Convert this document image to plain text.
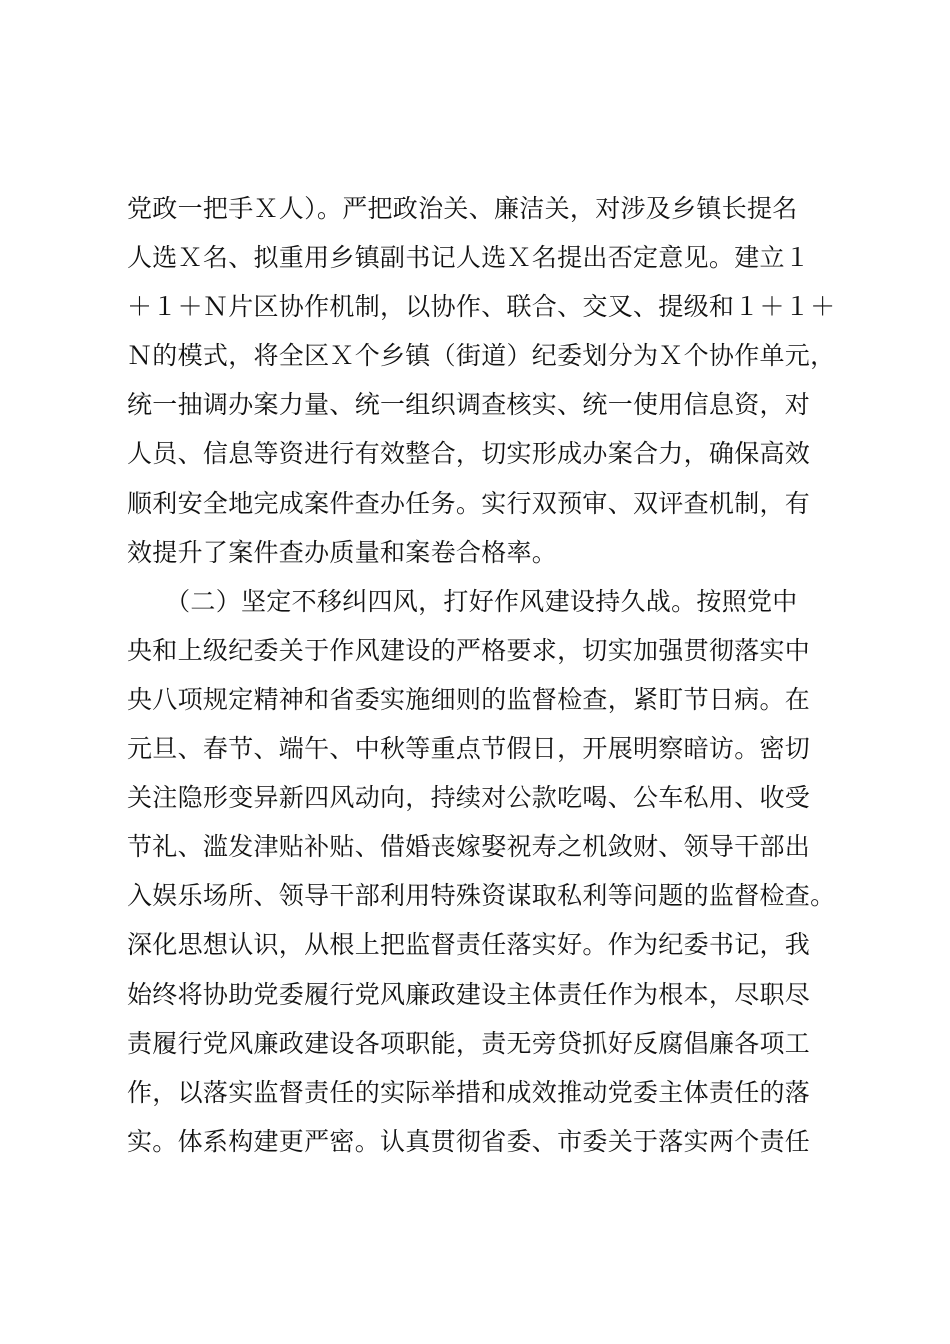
党政一把手Ｘ人）。严把政治关、廉洁关，对涉及乡镇长提名
人选Ｘ名、拟重用乡镇副书记人选Ｘ名提出否定意见。建立１
＋１＋Ｎ片区协作机制，以协作、联合、交叉、提级和１＋１＋
Ｎ的模式，将全区Ｘ个乡镇（街道）纪委划分为Ｘ个协作单元，
统一抽调办案力量、统一组织调查核实、统一使用信息资，对
人员、信息等资进行有效整合，切实形成办案合力，确保高效
顺利安全地完成案件查办任务。实行双预审、双评查机制，有
效提升了案件查办质量和案卷合格率。
　　（二）坚定不移纠四风，打好作风建设持久战。按照党中
央和上级纪委关于作风建设的严格要求，切实加强贯彻落实中
央八项规定精神和省委实施细则的监督检查，紧盯节日病。在
元旦、春节、端午、中秋等重点节假日，开展明察暗访。密切
关注隐形变异新四风动向，持续对公款吃喝、公车私用、收受
节礼、滥发津贴补贴、借婚丧嫁娶祝寿之机敛财、领导干部出
入娱乐场所、领导干部利用特殊资谋取私利等问题的监督检查。
深化思想认识，从根上把监督责任落实好。作为纪委书记，我
始终将协助党委履行党风廉政建设主体责任作为根本，尽职尽
责履行党风廉政建设各项职能，责无旁贷抓好反腐倡廉各项工
作，以落实监督责任的实际举措和成效推动党委主体责任的落
实。体系构建更严密。认真贯彻省委、市委关于落实两个责任
